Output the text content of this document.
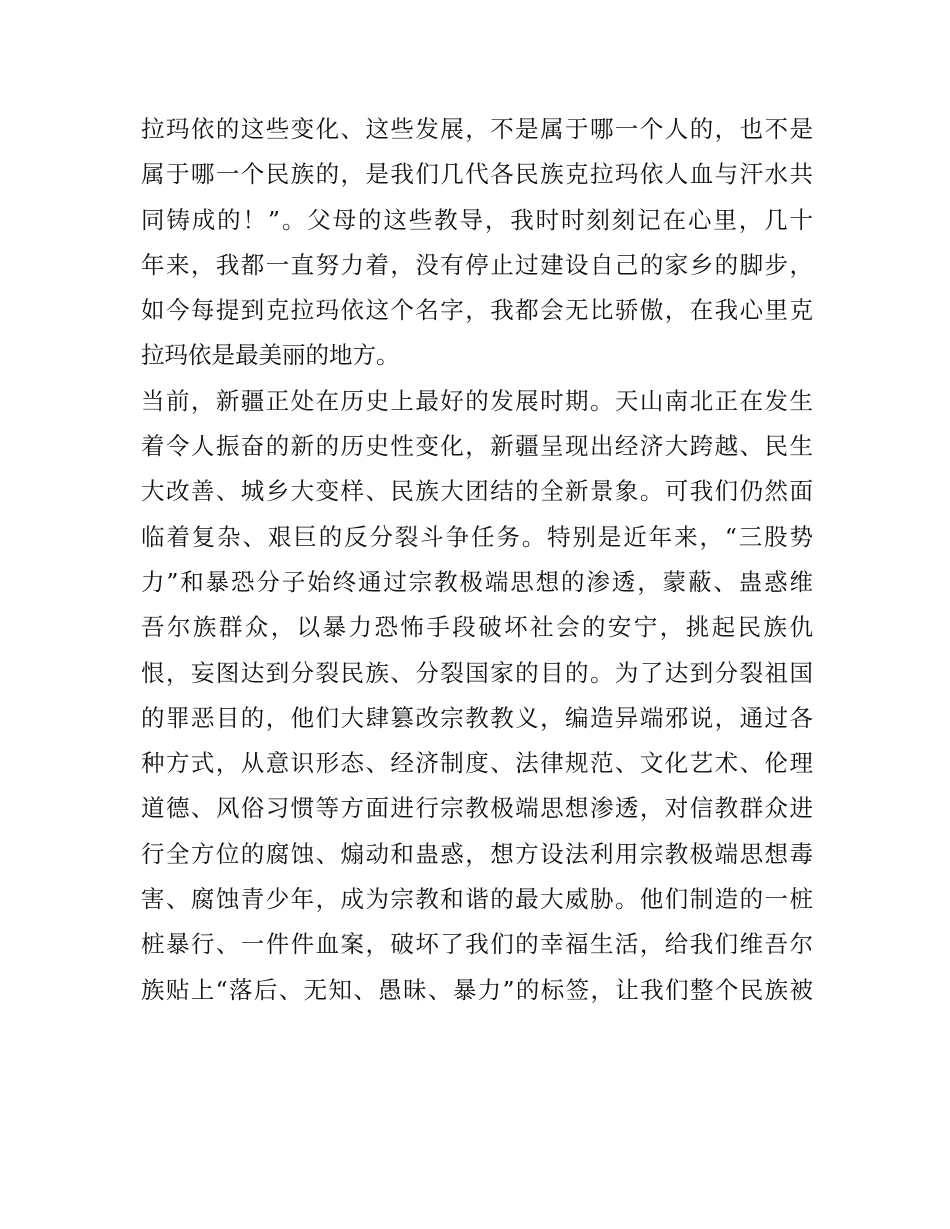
拉玛依的这些变化、这些发展，不是属于哪一个人的，也不是
属于哪一个民族的，是我们几代各民族克拉玛依人血与汗水共
同铸成的！”。父母的这些教导，我时时刻刻记在心里，几十
年来，我都一直努力着，没有停止过建设自己的家乡的脚步，
如今每提到克拉玛依这个名字，我都会无比骄傲，在我心里克
拉玛依是最美丽的地方。
当前，新疆正处在历史上最好的发展时期。天山南北正在发生
着令人振奋的新的历史性变化，新疆呈现出经济大跨越、民生
大改善、城乡大变样、民族大团结的全新景象。可我们仍然面
临着复杂、艰巨的反分裂斗争任务。特别是近年来，“三股势
力”和暴恐分子始终通过宗教极端思想的渗透，蒙蔽、蛊惑维
吾尔族群众，以暴力恐怖手段破坏社会的安宁，挑起民族仇
恨，妄图达到分裂民族、分裂国家的目的。为了达到分裂祖国
的罪恶目的，他们大肆篡改宗教教义，编造异端邪说，通过各
种方式，从意识形态、经济制度、法律规范、文化艺术、伦理
道德、风俗习惯等方面进行宗教极端思想渗透，对信教群众进
行全方位的腐蚀、煽动和蛊惑，想方设法利用宗教极端思想毒
害、腐蚀青少年，成为宗教和谐的最大威胁。他们制造的一桩
桩暴行、一件件血案，破坏了我们的幸福生活，给我们维吾尔
族贴上“落后、无知、愚昧、暴力”的标签，让我们整个民族被
